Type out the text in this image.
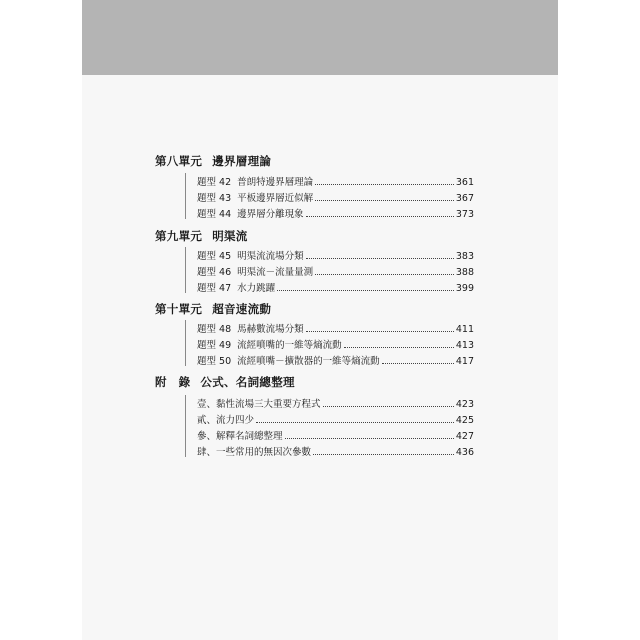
第八單元 邊界層理論
題型 42 普朗特邊界層理論	361
題型 43 平板邊界層近似解	367
題型 44 邊界層分離現象	373
第九單元 明渠流
題型 45 明渠流流場分類	383
題型 46 明渠流－流量量測	388
題型 47 水力跳躍	399
第十單元 超音速流動
題型 48 馬赫數流場分類	411
題型 49 流經噴嘴的一維等熵流動	413
題型 50 流經噴嘴－擴散器的一維等熵流動	417
附　錄 公式、名詞總整理
壹、黏性流場三大重要方程式	423
貳、流力四少	425
參、解釋名詞總整理	427
肆、一些常用的無因次參數	436
